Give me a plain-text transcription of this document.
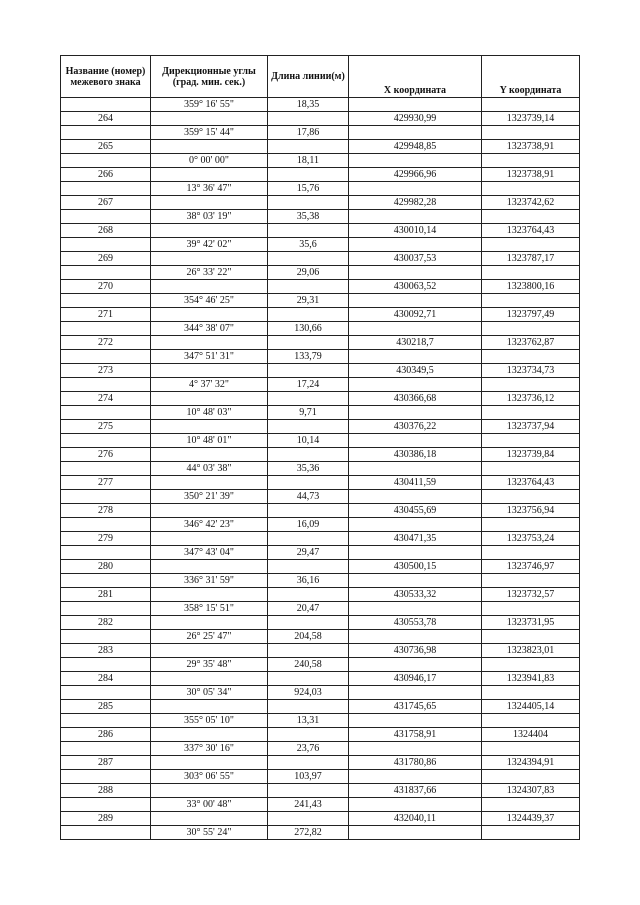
Название (номер) межевого знака	Дирекционные углы (град. мин. сек.)	Длина линии(м)	X координата	Y координата
	359° 16' 55"	18,35		
264			429930,99	1323739,14
	359° 15' 44"	17,86		
265			429948,85	1323738,91
	0° 00' 00"	18,11		
266			429966,96	1323738,91
	13° 36' 47"	15,76		
267			429982,28	1323742,62
	38° 03' 19"	35,38		
268			430010,14	1323764,43
	39° 42' 02"	35,6		
269			430037,53	1323787,17
	26° 33' 22"	29,06		
270			430063,52	1323800,16
	354° 46' 25"	29,31		
271			430092,71	1323797,49
	344° 38' 07"	130,66		
272			430218,7	1323762,87
	347° 51' 31"	133,79		
273			430349,5	1323734,73
	4° 37' 32"	17,24		
274			430366,68	1323736,12
	10° 48' 03"	9,71		
275			430376,22	1323737,94
	10° 48' 01"	10,14		
276			430386,18	1323739,84
	44° 03' 38"	35,36		
277			430411,59	1323764,43
	350° 21' 39"	44,73		
278			430455,69	1323756,94
	346° 42' 23"	16,09		
279			430471,35	1323753,24
	347° 43' 04"	29,47		
280			430500,15	1323746,97
	336° 31' 59"	36,16		
281			430533,32	1323732,57
	358° 15' 51"	20,47		
282			430553,78	1323731,95
	26° 25' 47"	204,58		
283			430736,98	1323823,01
	29° 35' 48"	240,58		
284			430946,17	1323941,83
	30° 05' 34"	924,03		
285			431745,65	1324405,14
	355° 05' 10"	13,31		
286			431758,91	1324404
	337° 30' 16"	23,76		
287			431780,86	1324394,91
	303° 06' 55"	103,97		
288			431837,66	1324307,83
	33° 00' 48"	241,43		
289			432040,11	1324439,37
	30° 55' 24"	272,82		
